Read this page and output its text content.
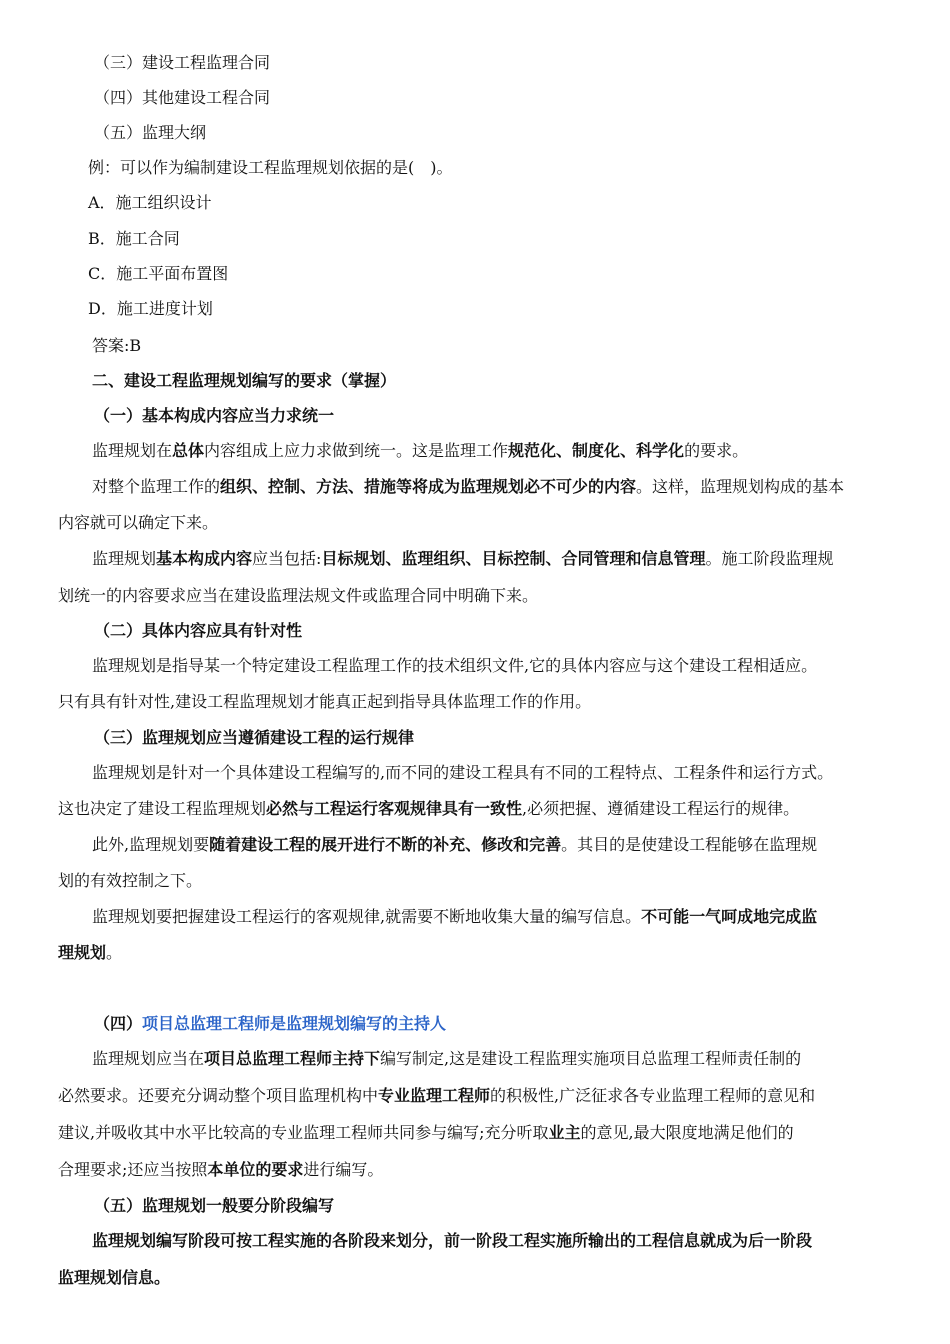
（三）建设工程监理合同
（四）其他建设工程合同
（五）监理大纲
例：可以作为编制建设工程监理规划依据的是(　)。
A．施工组织设计
B．施工合同
C．施工平面布置图
D．施工进度计划
答案:B
二、建设工程监理规划编写的要求（掌握）
（一）基本构成内容应当力求统一
监理规划在总体内容组成上应力求做到统一。这是监理工作规范化、制度化、科学化的要求。
对整个监理工作的组织、控制、方法、措施等将成为监理规划必不可少的内容。这样，监理规划构成的基本
内容就可以确定下来。
监理规划基本构成内容应当包括:目标规划、监理组织、目标控制、合同管理和信息管理。施工阶段监理规
划统一的内容要求应当在建设监理法规文件或监理合同中明确下来。
（二）具体内容应具有针对性
监理规划是指导某一个特定建设工程监理工作的技术组织文件,它的具体内容应与这个建设工程相适应。
只有具有针对性,建设工程监理规划才能真正起到指导具体监理工作的作用。
（三）监理规划应当遵循建设工程的运行规律
监理规划是针对一个具体建设工程编写的,而不同的建设工程具有不同的工程特点、工程条件和运行方式。
这也决定了建设工程监理规划必然与工程运行客观规律具有一致性,必须把握、遵循建设工程运行的规律。
此外,监理规划要随着建设工程的展开进行不断的补充、修改和完善。其目的是使建设工程能够在监理规
划的有效控制之下。
监理规划要把握建设工程运行的客观规律,就需要不断地收集大量的编写信息。不可能一气呵成地完成监
理规划。
（四）项目总监理工程师是监理规划编写的主持人
监理规划应当在项目总监理工程师主持下编写制定,这是建设工程监理实施项目总监理工程师责任制的
必然要求。还要充分调动整个项目监理机构中专业监理工程师的积极性,广泛征求各专业监理工程师的意见和
建议,并吸收其中水平比较高的专业监理工程师共同参与编写;充分听取业主的意见,最大限度地满足他们的
合理要求;还应当按照本单位的要求进行编写。
（五）监理规划一般要分阶段编写
监理规划编写阶段可按工程实施的各阶段来划分，前一阶段工程实施所输出的工程信息就成为后一阶段
监理规划信息。
